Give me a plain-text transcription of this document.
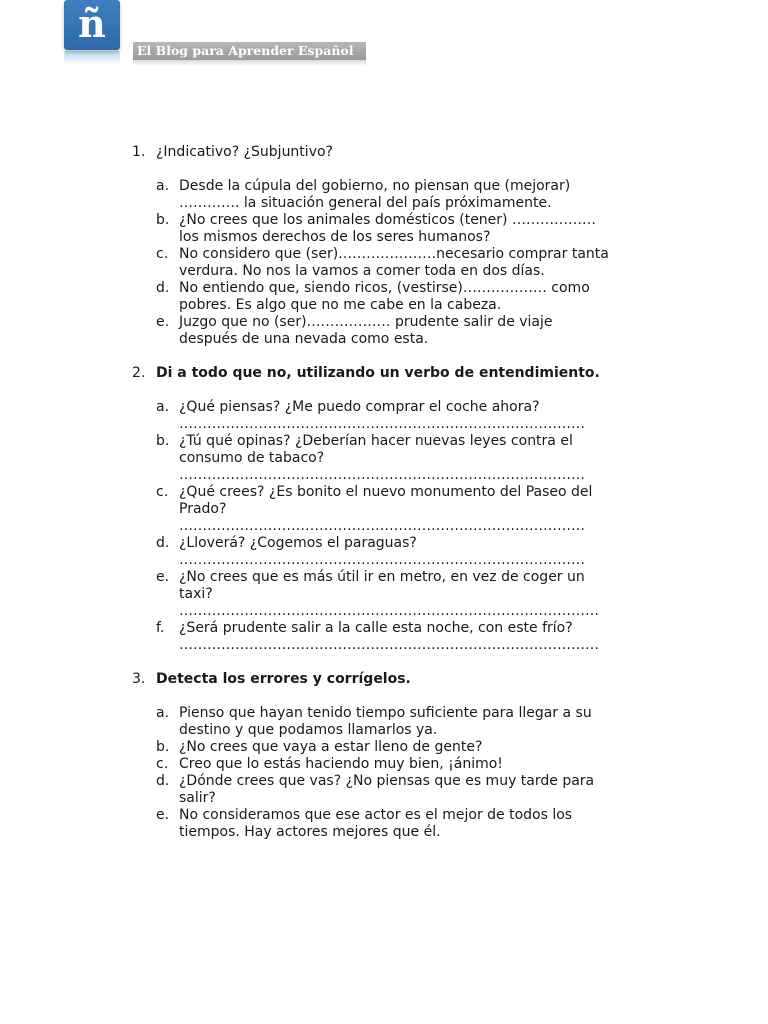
ñ
El Blog para Aprender Español
1. ¿Indicativo? ¿Subjuntivo?
a. Desde la cúpula del gobierno, no piensan que (mejorar)
…………. la situación general del país próximamente.
b. ¿No crees que los animales domésticos (tener) ………………
los mismos derechos de los seres humanos?
c. No considero que (ser)…………………necesario comprar tanta
verdura. No nos la vamos a comer toda en dos días.
d. No entiendo que, siendo ricos, (vestirse)……………… como
pobres. Es algo que no me cabe en la cabeza.
e. Juzgo que no (ser)……………… prudente salir de viaje
después de una nevada como esta.
2. Di a todo que no, utilizando un verbo de entendimiento.
a. ¿Qué piensas? ¿Me puedo comprar el coche ahora?
……………………………………………………………………………
b. ¿Tú qué opinas? ¿Deberían hacer nuevas leyes contra el
consumo de tabaco?
……………………………………………………………………………
c. ¿Qué crees? ¿Es bonito el nuevo monumento del Paseo del
Prado?
……………………………………………………………………………
d. ¿Lloverá? ¿Cogemos el paraguas?
……………………………………………………………………………
e. ¿No crees que es más útil ir en metro, en vez de coger un
taxi?
………………………………………………………………………………
f. ¿Será prudente salir a la calle esta noche, con este frío?
………………………………………………………………………………
3. Detecta los errores y corrígelos.
a. Pienso que hayan tenido tiempo suficiente para llegar a su
destino y que podamos llamarlos ya.
b. ¿No crees que vaya a estar lleno de gente?
c. Creo que lo estás haciendo muy bien, ¡ánimo!
d. ¿Dónde crees que vas? ¿No piensas que es muy tarde para
salir?
e. No consideramos que ese actor es el mejor de todos los
tiempos. Hay actores mejores que él.
